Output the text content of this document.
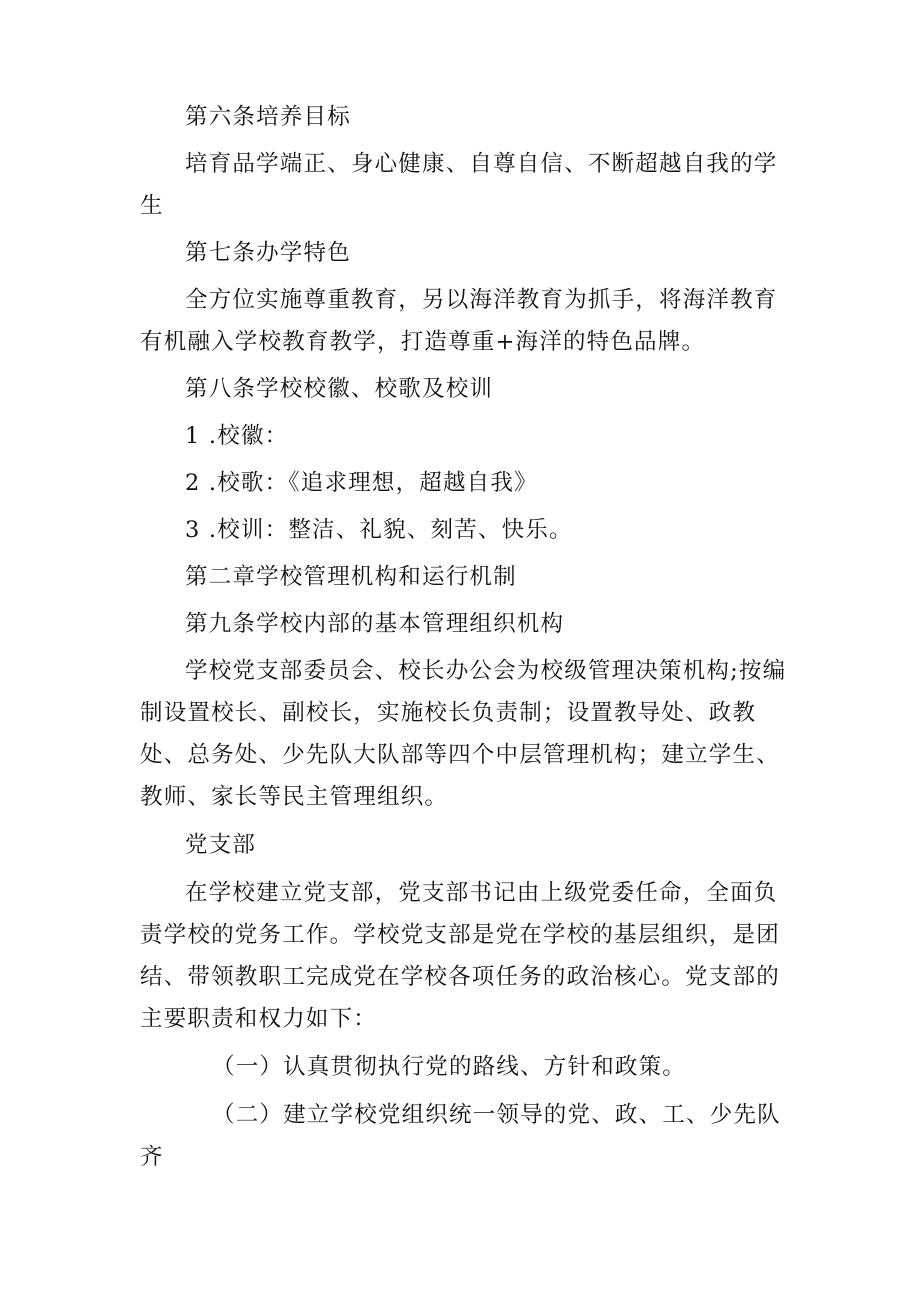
第六条培养目标

培育品学端正、身心健康、自尊自信、不断超越自我的学生

第七条办学特色

全方位实施尊重教育，另以海洋教育为抓手，将海洋教育有机融入学校教育教学，打造尊重+海洋的特色品牌。

第八条学校校徽、校歌及校训

1 .校徽：

2 .校歌：《追求理想，超越自我》

3 .校训：整洁、礼貌、刻苦、快乐。

第二章学校管理机构和运行机制

第九条学校内部的基本管理组织机构

学校党支部委员会、校长办公会为校级管理决策机构;按编制设置校长、副校长，实施校长负责制；设置教导处、政教处、总务处、少先队大队部等四个中层管理机构；建立学生、教师、家长等民主管理组织。

党支部

在学校建立党支部，党支部书记由上级党委任命，全面负责学校的党务工作。学校党支部是党在学校的基层组织，是团结、带领教职工完成党在学校各项任务的政治核心。党支部的主要职责和权力如下：

（一）认真贯彻执行党的路线、方针和政策。

（二）建立学校党组织统一领导的党、政、工、少先队齐
